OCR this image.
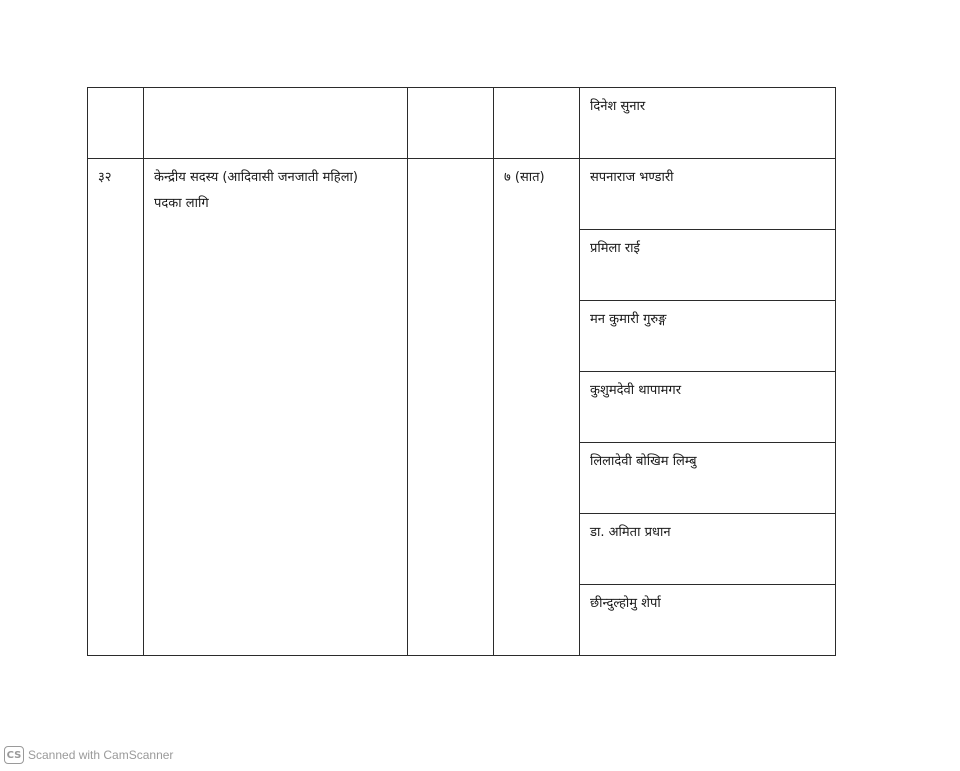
				दिनेश सुनार

३२	केन्द्रीय सदस्य (आदिवासी जनजाती महिला) पदका लागि		७ (सात)	सपनाराज भण्डारी

				प्रमिला राई

				मन कुमारी गुरुङ्ग

				कुशुमदेवी थापामगर

				लिलादेवी बोखिम लिम्बु

				डा. अमिता प्रधान

				छीन्दुल्होमु शेर्पा
CS Scanned with CamScanner
